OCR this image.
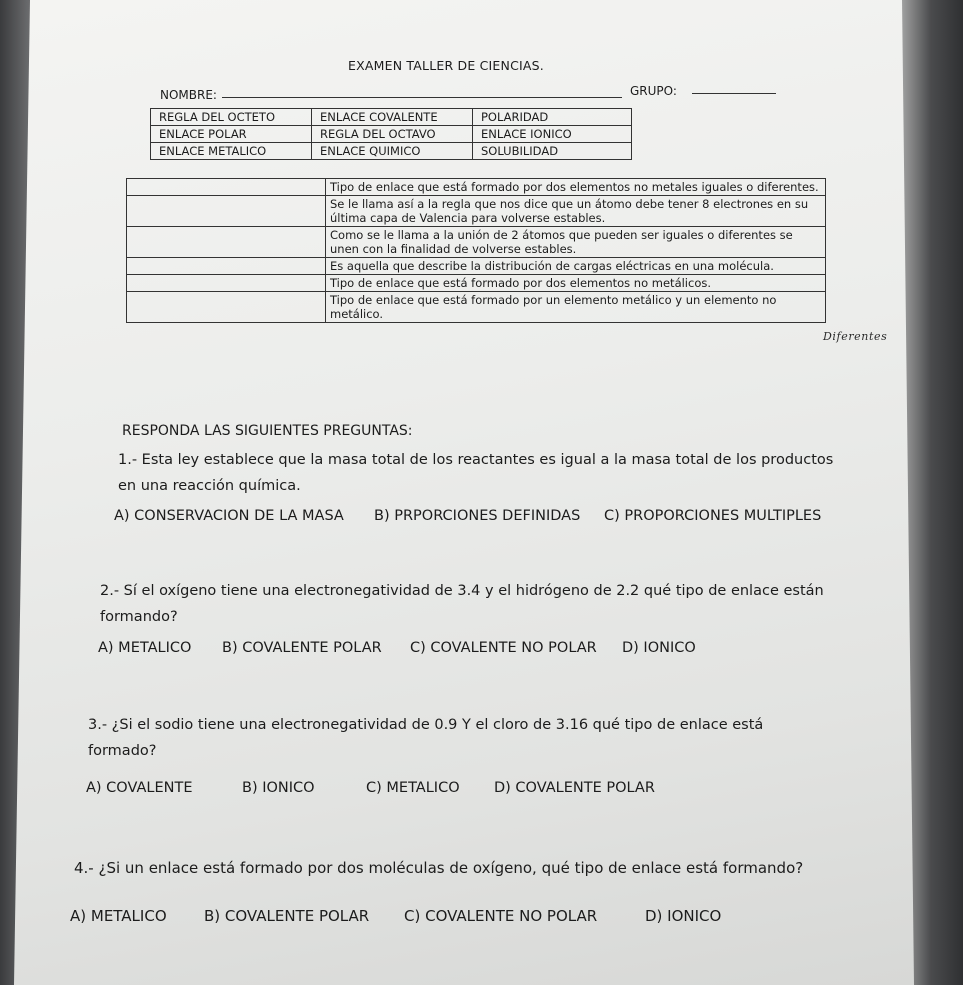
EXAMEN TALLER DE CIENCIAS.
NOMBRE:	GRUPO:
REGLA DEL OCTETO	ENLACE COVALENTE	POLARIDAD
ENLACE POLAR	REGLA DEL OCTAVO	ENLACE IONICO
ENLACE METALICO	ENLACE QUIMICO	SOLUBILIDAD
	Tipo de enlace que está formado por dos elementos no metales iguales o diferentes.
	Se le llama así a la regla que nos dice que un átomo debe tener 8 electrones en su última capa de Valencia para volverse estables.
	Como se le llama a la unión de 2 átomos que pueden ser iguales o diferentes se unen con la finalidad de volverse estables.
	Es aquella que describe la distribución de cargas eléctricas en una molécula.
	Tipo de enlace que está formado por dos elementos no metálicos.
	Tipo de enlace que está formado por un elemento metálico y un elemento no metálico.
Diferentes
RESPONDA LAS SIGUIENTES PREGUNTAS:
1.- Esta ley establece que la masa total de los reactantes es igual a la masa total de los productos en una reacción química.
A) CONSERVACION DE LA MASA B) PRPORCIONES DEFINIDAS C) PROPORCIONES MULTIPLES
2.- Sí el oxígeno tiene una electronegatividad de 3.4 y el hidrógeno de 2.2 qué tipo de enlace están formando?
A) METALICO B) COVALENTE POLAR C) COVALENTE NO POLAR D) IONICO
3.- ¿Si el sodio tiene una electronegatividad de 0.9 Y el cloro de 3.16 qué tipo de enlace está formado?
A) COVALENTE	B) IONICO	C) METALICO D) COVALENTE POLAR
4.- ¿Si un enlace está formado por dos moléculas de oxígeno, qué tipo de enlace está formando?
A) METALICO B) COVALENTE POLAR C) COVALENTE NO POLAR	D) IONICO
